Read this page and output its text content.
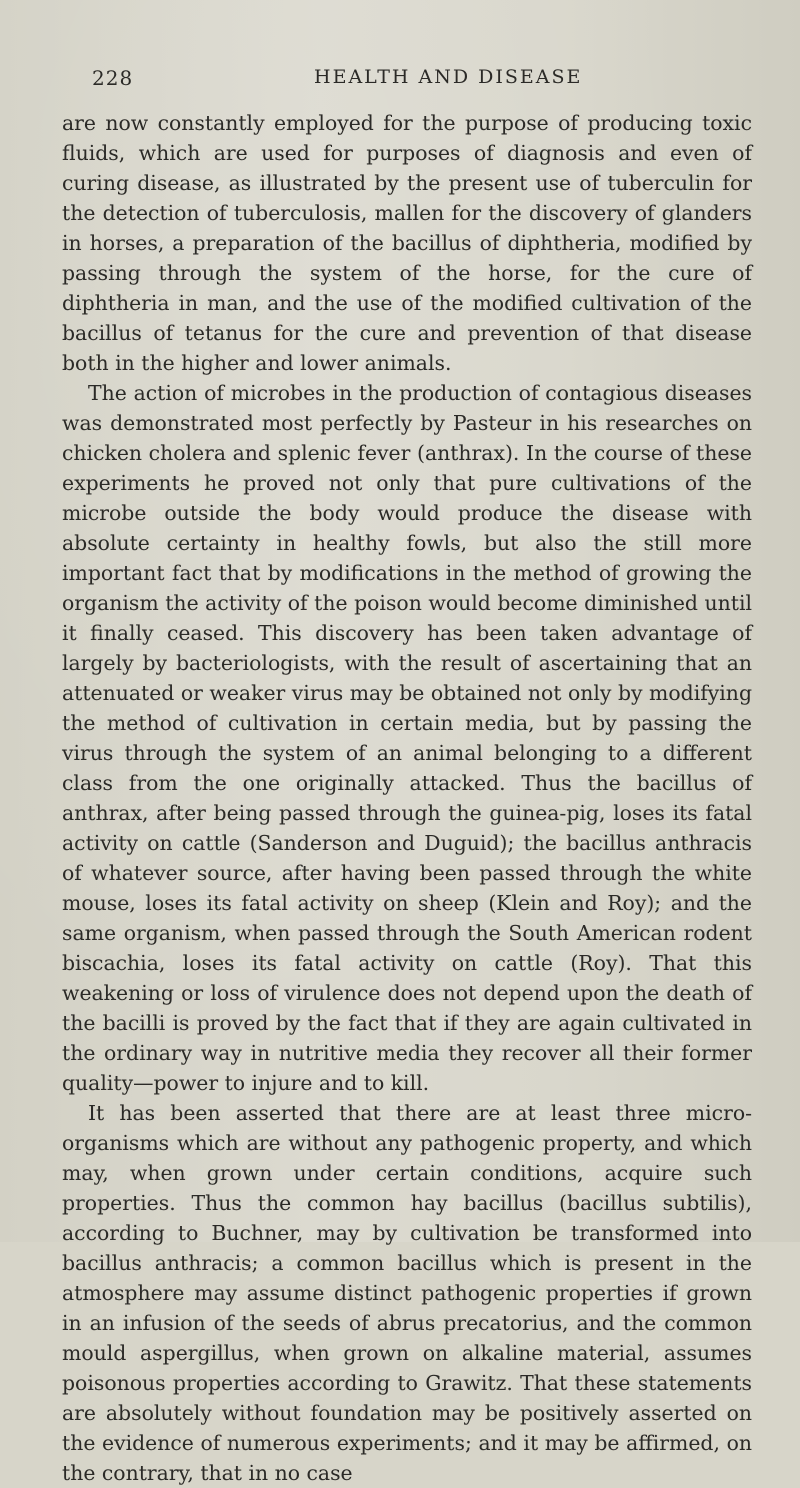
228	HEALTH AND DISEASE

are now constantly employed for the purpose of producing toxic fluids, which are used for purposes of diagnosis and even of curing disease, as illustrated by the present use of tuberculin for the detection of tuberculosis, mallen for the discovery of glanders in horses, a preparation of the bacillus of diphtheria, modified by passing through the system of the horse, for the cure of diphtheria in man, and the use of the modified cultivation of the bacillus of tetanus for the cure and prevention of that disease both in the higher and lower animals.

The action of microbes in the production of contagious diseases was demonstrated most perfectly by Pasteur in his researches on chicken cholera and splenic fever (anthrax). In the course of these experiments he proved not only that pure cultivations of the microbe outside the body would produce the disease with absolute certainty in healthy fowls, but also the still more important fact that by modifications in the method of growing the organism the activity of the poison would become diminished until it finally ceased. This discovery has been taken advantage of largely by bacteriologists, with the result of ascertaining that an attenuated or weaker virus may be obtained not only by modifying the method of cultivation in certain media, but by passing the virus through the system of an animal belonging to a different class from the one originally attacked. Thus the bacillus of anthrax, after being passed through the guinea-pig, loses its fatal activity on cattle (Sanderson and Duguid); the bacillus anthracis of whatever source, after having been passed through the white mouse, loses its fatal activity on sheep (Klein and Roy); and the same organism, when passed through the South American rodent biscachia, loses its fatal activity on cattle (Roy). That this weakening or loss of virulence does not depend upon the death of the bacilli is proved by the fact that if they are again cultivated in the ordinary way in nutritive media they recover all their former quality—power to injure and to kill.

It has been asserted that there are at least three micro-organisms which are without any pathogenic property, and which may, when grown under certain conditions, acquire such properties. Thus the common hay bacillus (bacillus subtilis), according to Buchner, may by cultivation be transformed into bacillus anthracis; a common bacillus which is present in the atmosphere may assume distinct pathogenic properties if grown in an infusion of the seeds of abrus precatorius, and the common mould aspergillus, when grown on alkaline material, assumes poisonous properties according to Grawitz. That these statements are absolutely without foundation may be positively asserted on the evidence of numerous experiments; and it may be affirmed, on the contrary, that in no case
